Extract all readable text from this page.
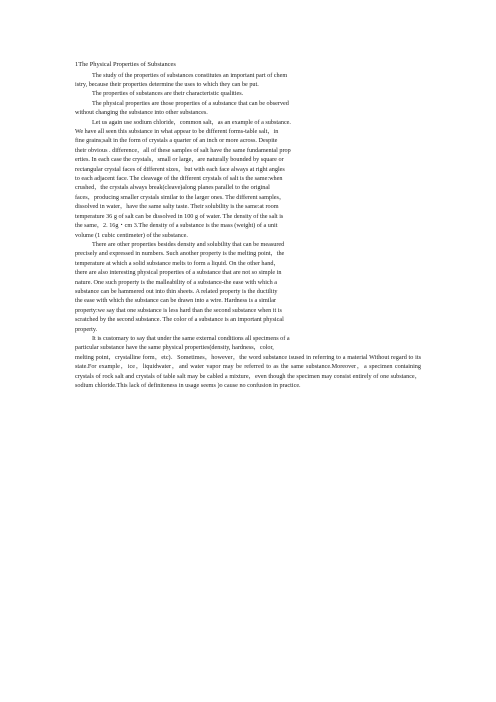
1The Physical Properties of Substances
The study of the properties of substances constitutes an important part of chem
istry, because their properties determine the uses to which they can be put.
The properties of substances are their characteristic qualities.
The physical properties are those properties of a substance that can be observed
without changing the substance into other substances.
Let us again use sodium chloride，common salt，as an example of a substance.
We have all seen this substance in what appear to be different forms-table salt，in
fine grains;salt in the form of crystals a quarter of an inch or more across. Despite
their obvious . difference，all of these samples of salt have the same fundamental prop
erties. In each case the crystals，small or large，are naturally bounded by square or
rectangular crystal faces of different sizes，but with each face always at right angles
to each adjacent face. The cleavage of the different crystals of salt is the same:when
crushed，the crystals always break(cleave)along planes parallel to the original
faces，producing smaller crystals similar to the larger ones. The different samples，
dissolved in water，have the same salty taste. Their solubility is the same:at room
temperature 36 g of salt can be dissolved in 100 g of water. The density of the salt is
the same，2. 16g・cm 3.The density of a substance is the mass (weight) of a unit
volume (1 cubic centimeter) of the substance.
There are other properties besides density and solubility that can be measured
precisely and expressed in numbers. Such another property is the melting point，the
temperature at which a solid substance melts to form a liquid. On the other hand，
there are also interesting physical properties of a substance that are not so simple in
nature. One such property is the malleability of a substance-the ease with which a
substance can be hammered out into thin sheets. A related property is the ductility
the ease with which the substance can be drawn into a wire. Hardness is a similar
property:we say that one substance is less hard than the second substance when it is
scratched by the second substance. The color of a substance is an important physical
property.
It is customary to say that under the same external conditions all specimens of a
particular substance have the same physical properties(density, hardness，color,
melting point，crystalline form，etc)．Sometimes，however，the word substance isused in referring to a material Without regard to its state.For example，ice，liquidwater，and water vapor may be referred to as the same substance.Moreover，a specimen containing crystals of rock salt and crystals of table salt may be cabled a mixture，even though the specimen may consist entirely of one substance，sodium chloride.This lack of definiteness in usage seems )o cause no confusion in practice.
